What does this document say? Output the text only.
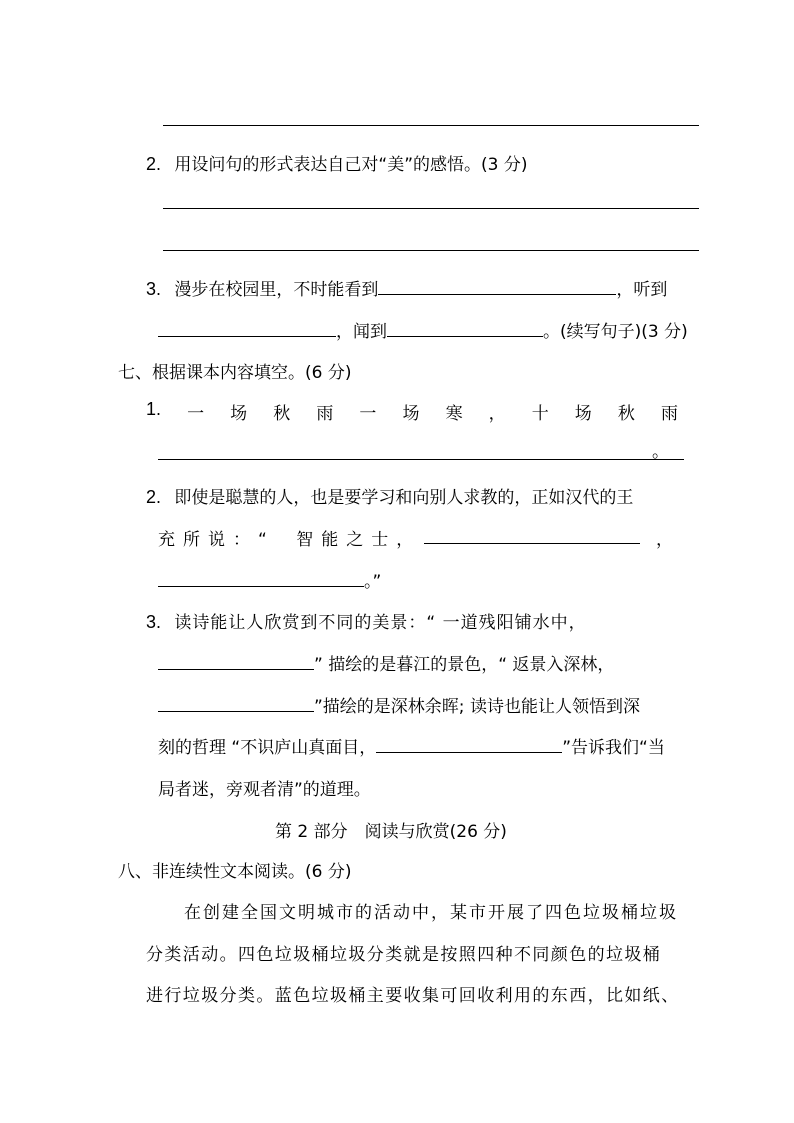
2. 用设问句的形式表达自己对“美”的感悟。(3 分)
3. 漫步在校园里，不时能看到	，听到
，闻到	。(续写句子)(3 分)
七、根据课本内容填空。(6 分)
1. 一 场 秋 雨 一 场 寒 ， 十 场 秋 雨
。
2. 即使是聪慧的人，也是要学习和向别人求教的，正如汉代的王
充所说：“ 智能之士，	，
。”
3. 读诗能让人欣赏到不同的美景：“ 一道残阳铺水中，
” 描绘的是暮江的景色，“ 返景入深林，
”描绘的是深林余晖; 读诗也能让人领悟到深
刻的哲理 “不识庐山真面目，	”告诉我们“当
局者迷，旁观者清”的道理。
第 2 部分　阅读与欣赏(26 分)
八、非连续性文本阅读。(6 分)
在创建全国文明城市的活动中，某市开展了四色垃圾桶垃圾
分类活动。四色垃圾桶垃圾分类就是按照四种不同颜色的垃圾桶
进行垃圾分类。蓝色垃圾桶主要收集可回收利用的东西，比如纸、
